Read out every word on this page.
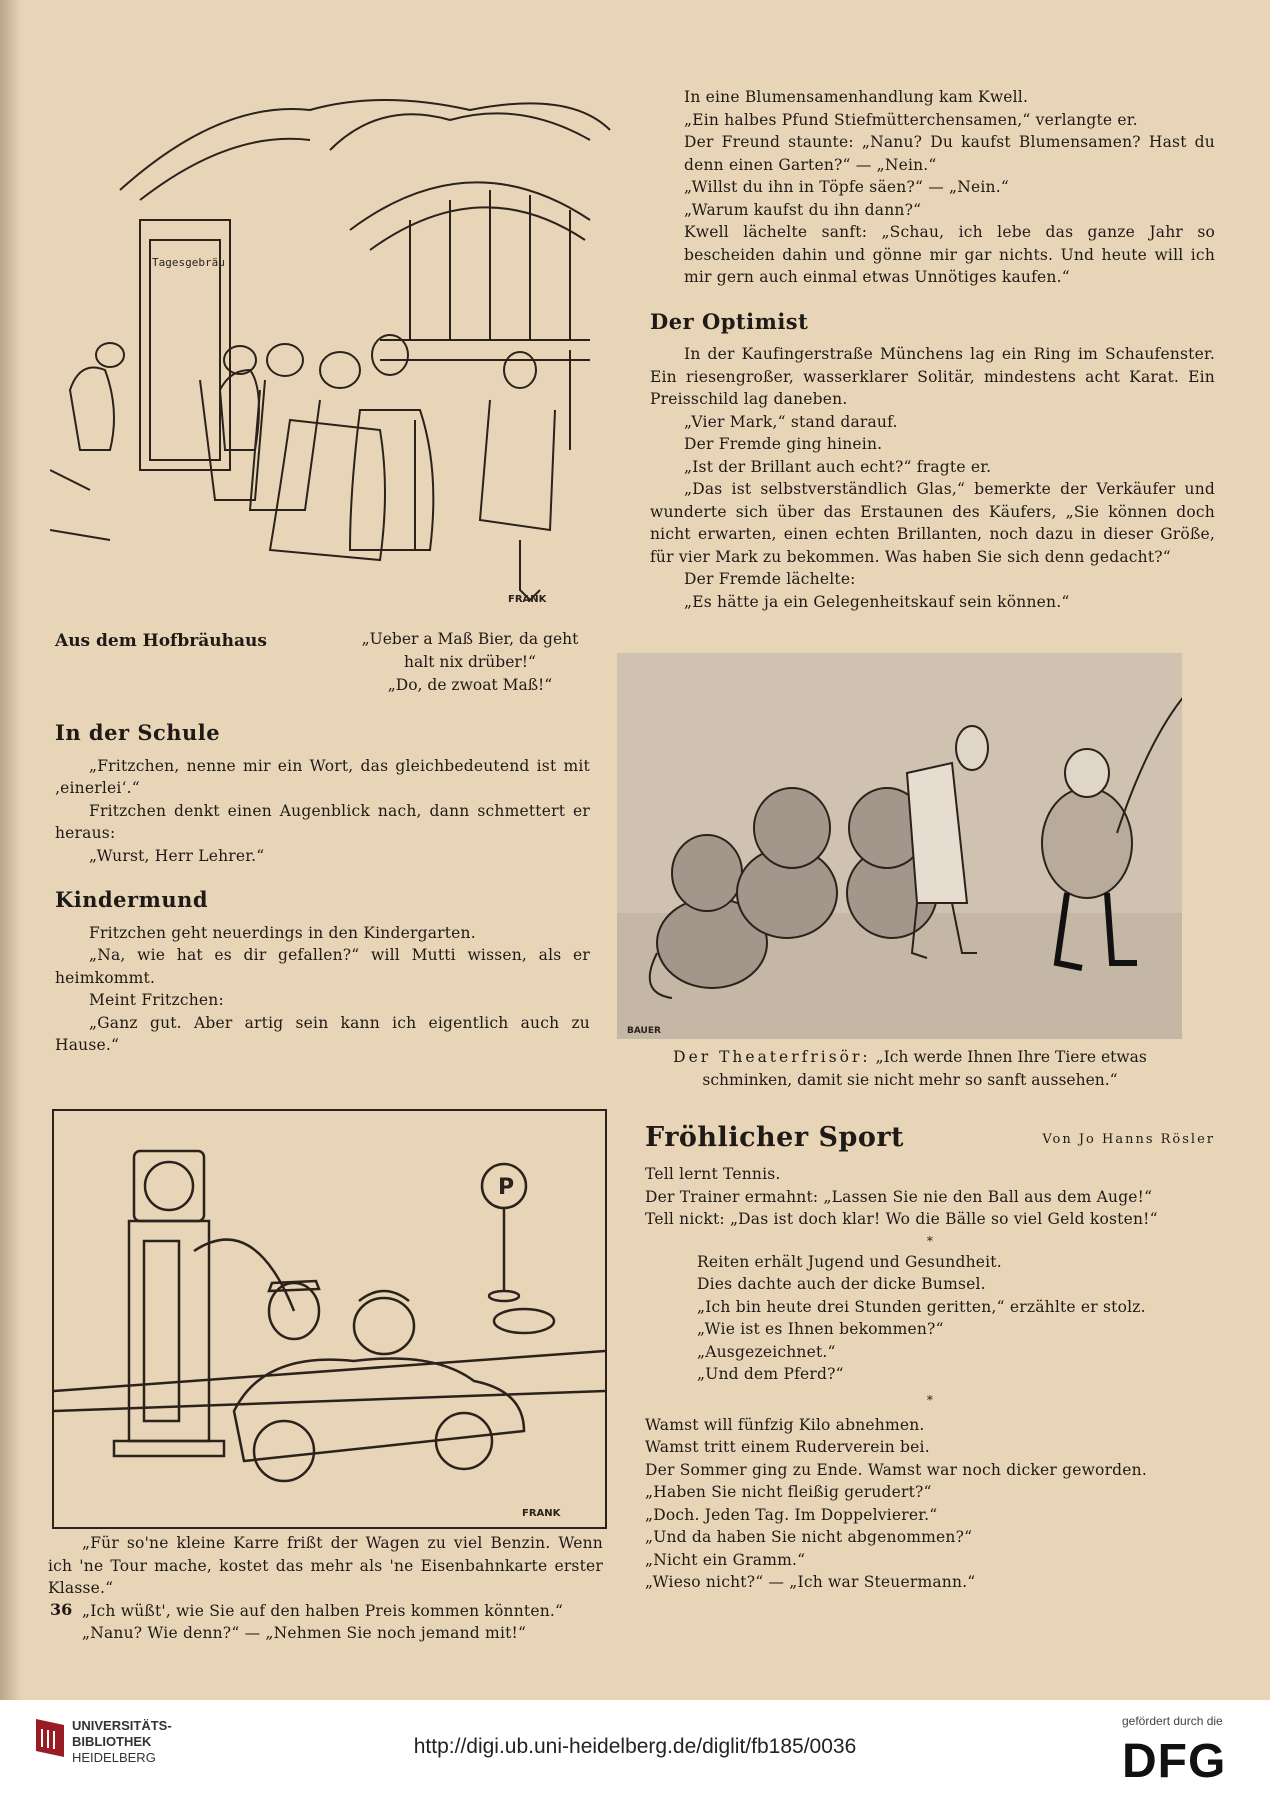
Tagesgebräu
FRANK
Aus dem Hofbräuhaus	„Ueber a Maß Bier, da geht
halt nix drüber!“
„Do, de zwoat Maß!“

In der Schule

„Fritzchen, nenne mir ein Wort, das gleichbedeutend ist mit ‚einerlei‘.“

Fritzchen denkt einen Augenblick nach, dann schmettert er heraus:

„Wurst, Herr Lehrer.“

Kindermund

Fritzchen geht neuerdings in den Kindergarten.

„Na, wie hat es dir gefallen?“ will Mutti wissen, als er heimkommt.

Meint Fritzchen:

„Ganz gut. Aber artig sein kann ich eigentlich auch zu Hause.“

In eine Blumensamenhandlung kam Kwell.

„Ein halbes Pfund Stiefmütterchensamen,“ verlangte er.

Der Freund staunte: „Nanu? Du kaufst Blumensamen? Hast du denn einen Garten?“ — „Nein.“

„Willst du ihn in Töpfe säen?“ — „Nein.“

„Warum kaufst du ihn dann?“

Kwell lächelte sanft: „Schau, ich lebe das ganze Jahr so bescheiden dahin und gönne mir gar nichts. Und heute will ich mir gern auch einmal etwas Unnötiges kaufen.“

Der Optimist

In der Kaufingerstraße Münchens lag ein Ring im Schaufenster. Ein riesengroßer, wasserklarer Solitär, mindestens acht Karat. Ein Preisschild lag daneben.

„Vier Mark,“ stand darauf.

Der Fremde ging hinein.

„Ist der Brillant auch echt?“ fragte er.

„Das ist selbstverständlich Glas,“ bemerkte der Verkäufer und wunderte sich über das Erstaunen des Käufers, „Sie können doch nicht erwarten, einen echten Brillanten, noch dazu in dieser Größe, für vier Mark zu bekommen. Was haben Sie sich denn gedacht?“

Der Fremde lächelte:

„Es hätte ja ein Gelegenheitskauf sein können.“

BAUER
Der Theaterfrisör: „Ich werde Ihnen Ihre Tiere etwas schminken, damit sie nicht mehr so sanft aussehen.“
P
FRANK

„Für so'ne kleine Karre frißt der Wagen zu viel Benzin. Wenn ich 'ne Tour mache, kostet das mehr als 'ne Eisenbahnkarte erster Klasse.“

„Ich wüßt', wie Sie auf den halben Preis kommen könnten.“

„Nanu? Wie denn?“ — „Nehmen Sie noch jemand mit!“

36
Fröhlicher Sport	Von Jo Hanns Rösler

Tell lernt Tennis.

Der Trainer ermahnt: „Lassen Sie nie den Ball aus dem Auge!“

Tell nickt: „Das ist doch klar! Wo die Bälle so viel Geld kosten!“

*

Reiten erhält Jugend und Gesundheit.

Dies dachte auch der dicke Bumsel.

„Ich bin heute drei Stunden geritten,“ erzählte er stolz.

„Wie ist es Ihnen bekommen?“

„Ausgezeichnet.“

„Und dem Pferd?“

*

Wamst will fünfzig Kilo abnehmen.

Wamst tritt einem Ruderverein bei.

Der Sommer ging zu Ende. Wamst war noch dicker geworden.

„Haben Sie nicht fleißig gerudert?“

„Doch. Jeden Tag. Im Doppelvierer.“

„Und da haben Sie nicht abgenommen?“

„Nicht ein Gramm.“

„Wieso nicht?“ — „Ich war Steuermann.“

UNIVERSITÄTS-
BIBLIOTHEK
HEIDELBERG	http://digi.ub.uni-heidelberg.de/diglit/fb185/0036
gefördert durch die
DFG
